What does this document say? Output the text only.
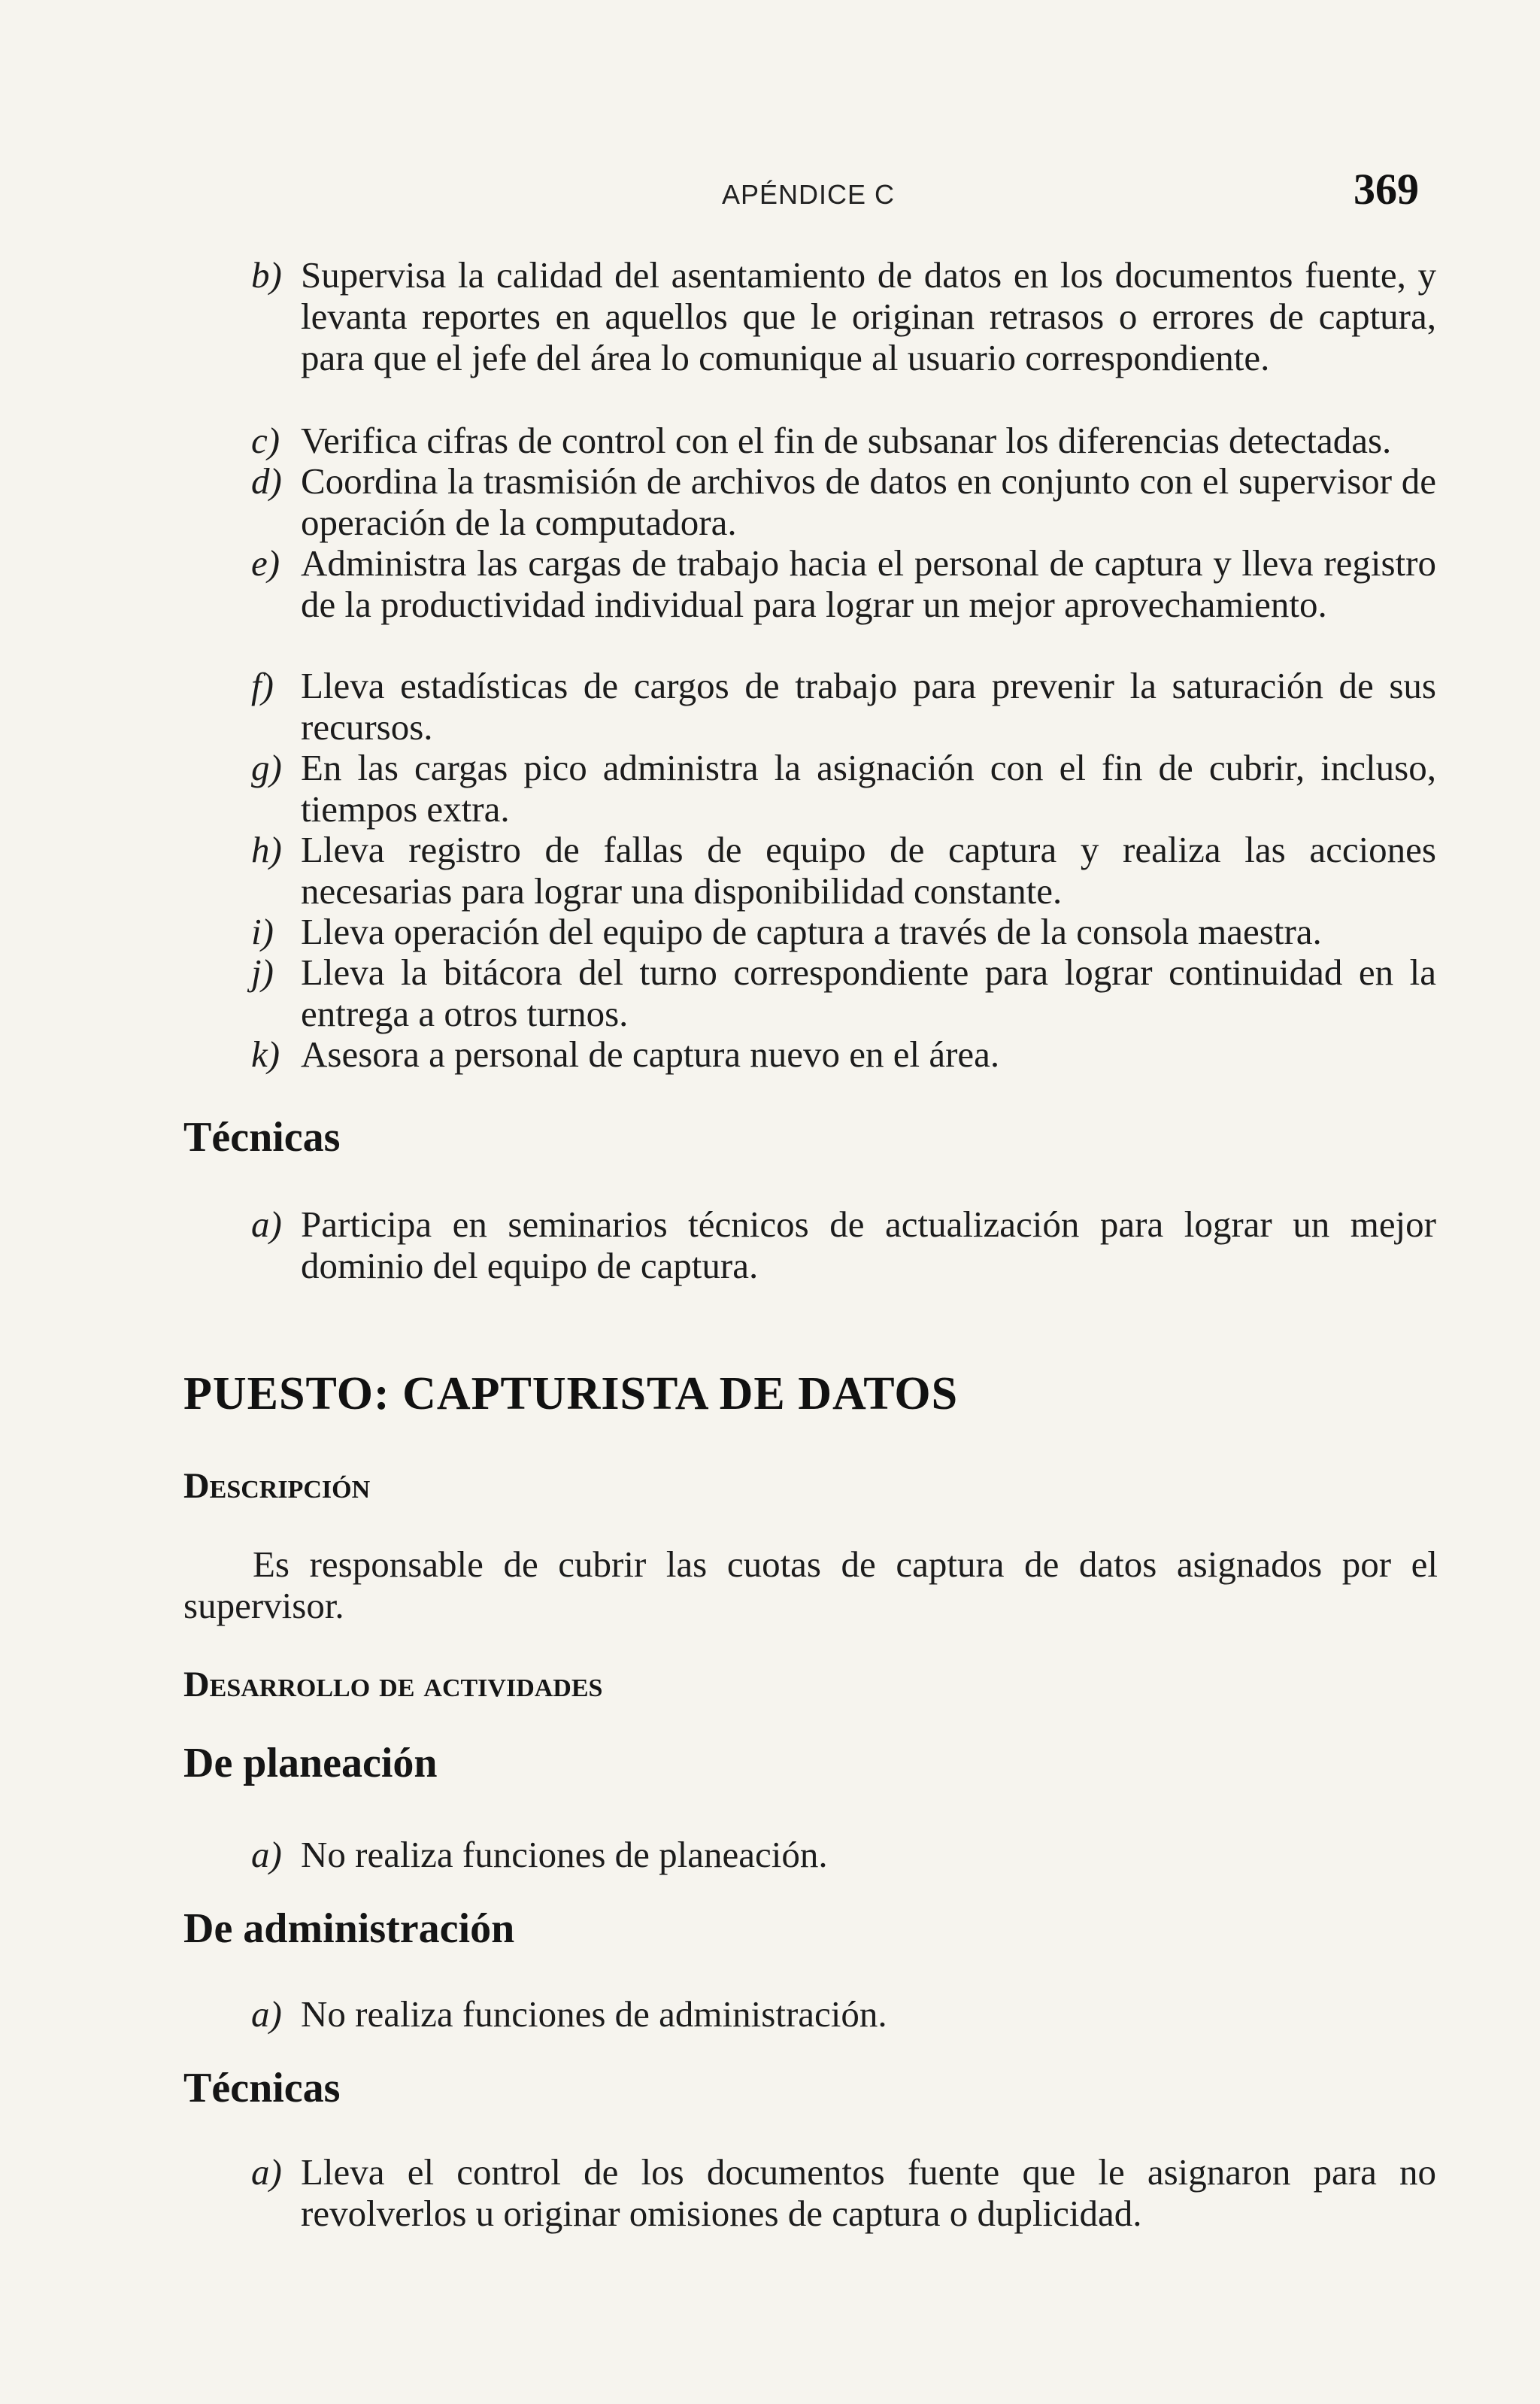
APÉNDICE C	369
b) Supervisa la calidad del asentamiento de datos en los documentos fuente, y levanta reportes en aquellos que le originan retrasos o errores de captura, para que el jefe del área lo comunique al usuario correspondiente.
c) Verifica cifras de control con el fin de subsanar los diferencias detectadas.
d) Coordina la trasmisión de archivos de datos en conjunto con el supervisor de operación de la computadora.
e) Administra las cargas de trabajo hacia el personal de captura y lleva registro de la productividad individual para lograr un mejor aprovechamiento.
f) Lleva estadísticas de cargos de trabajo para prevenir la saturación de sus recursos.
g) En las cargas pico administra la asignación con el fin de cubrir, incluso, tiempos extra.
h) Lleva registro de fallas de equipo de captura y realiza las acciones necesarias para lograr una disponibilidad constante.
i) Lleva operación del equipo de captura a través de la consola maestra.
j) Lleva la bitácora del turno correspondiente para lograr continuidad en la entrega a otros turnos.
k) Asesora a personal de captura nuevo en el área.
Técnicas
a) Participa en seminarios técnicos de actualización para lograr un mejor dominio del equipo de captura.
PUESTO: CAPTURISTA DE DATOS
Descripción
Es responsable de cubrir las cuotas de captura de datos asignados por el supervisor.
Desarrollo de actividades
De planeación
a) No realiza funciones de planeación.
De administración
a) No realiza funciones de administración.
Técnicas
a) Lleva el control de los documentos fuente que le asignaron para no revolverlos u originar omisiones de captura o duplicidad.
